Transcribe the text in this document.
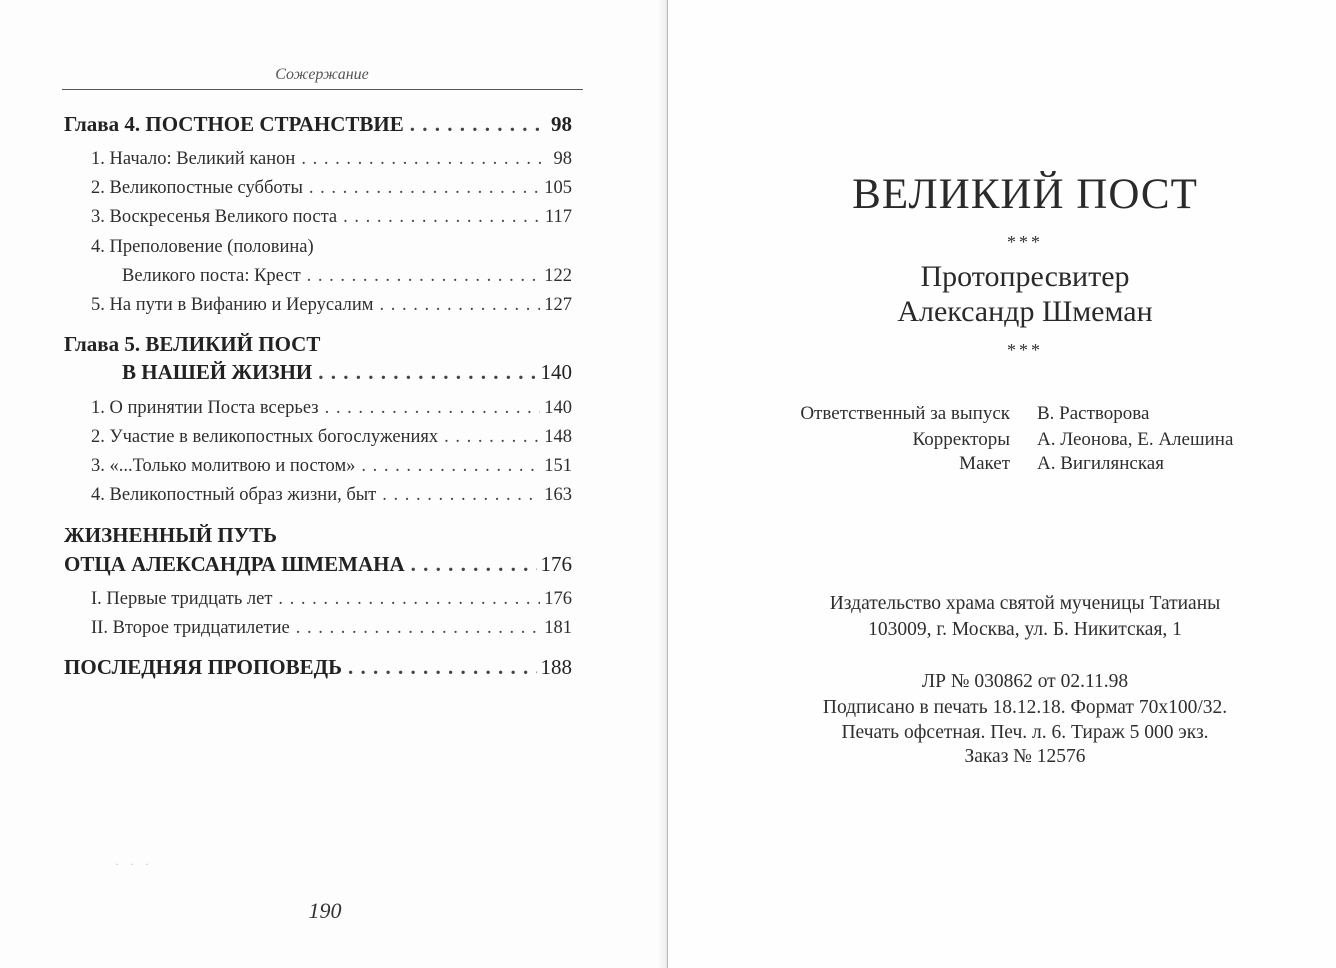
Сожержание
Глава 4. ПОСТНОЕ СТРАНСТВИЕ . . .	98
1. Начало: Великий канон . . .	98
2. Великопостные субботы . . .	105
3. Воскресенья Великого поста . . .	117
4. Преполовение (половина)
Великого поста: Крест . . .	122
5. На пути в Вифанию и Иерусалим . . .	127
Глава 5. ВЕЛИКИЙ ПОСТ
В НАШЕЙ ЖИЗНИ . . .	140
1. О принятии Поста всерьез . . .	140
2. Участие в великопостных богослужениях . . .	148
3. «...Только молитвою и постом» . . .	151
4. Великопостный образ жизни, быт . . .	163
ЖИЗНЕННЫЙ ПУТЬ
ОТЦА АЛЕКСАНДРА ШМЕМАНА . . .	176
I. Первые тридцать лет . . .	176
II. Второе тридцатилетие . . .	181
ПОСЛЕДНЯЯ ПРОПОВЕДЬ . . .	188
· · ·
190
ВЕЛИКИЙ ПОСТ
***
Протопресвитер
Александр Шмеман
***
Ответственный за выпуск В. Растворова
Корректоры А. Леонова, Е. Алешина
Макет А. Вигилянская
Издательство храма святой мученицы Татианы
103009, г. Москва, ул. Б. Никитская, 1
ЛР № 030862 от 02.11.98
Подписано в печать 18.12.18. Формат 70х100/32.
Печать офсетная. Печ. л. 6. Тираж 5 000 экз.
Заказ № 12576
